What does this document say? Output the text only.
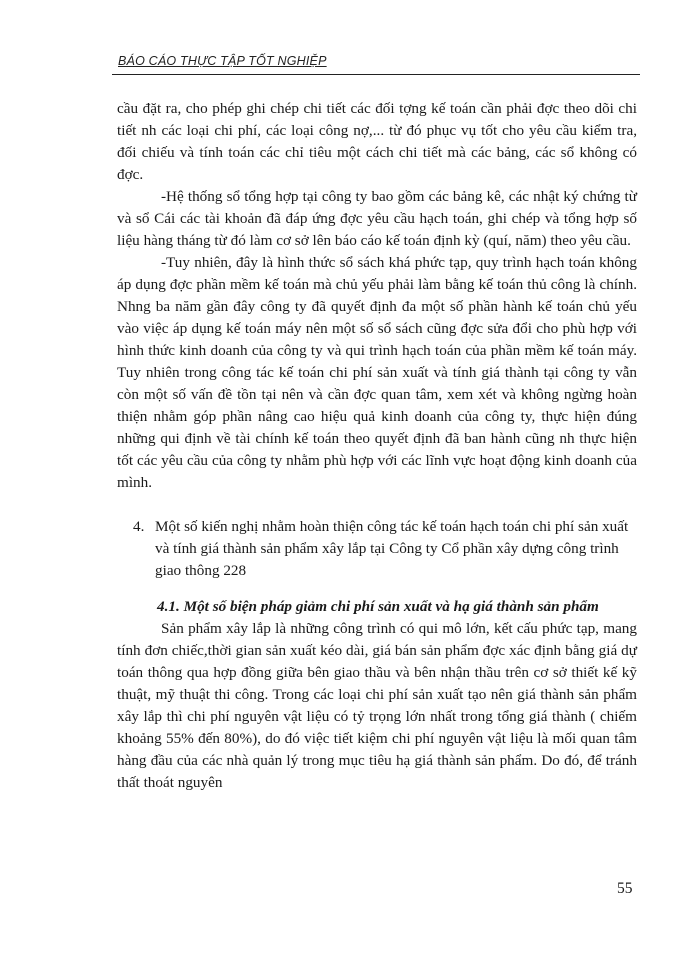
BÁO CÁO THỰC TẬP TỐT NGHIỆP

cầu đặt ra, cho phép ghi chép chi tiết các đối tợng kế toán cần phải đợc theo dõi chi tiết nh các loại chi phí, các loại công nợ,... từ đó phục vụ tốt cho yêu cầu kiểm tra, đối chiếu và tính toán các chỉ tiêu một cách chi tiết mà các bảng, các sổ không có đợc.

-Hệ thống sổ tổng hợp tại công ty bao gồm các bảng kê, các nhật ký chứng từ và sổ Cái các tài khoản đã đáp ứng đợc yêu cầu hạch toán, ghi chép và tổng hợp số liệu hàng tháng từ đó làm cơ sở lên báo cáo kế toán định kỳ (quí, năm) theo yêu cầu.

-Tuy nhiên, đây là hình thức sổ sách khá phức tạp, quy trình hạch toán không áp dụng đợc phần mềm kế toán mà chủ yếu phải làm bằng kế toán thủ công là chính. Nhng ba năm gần đây công ty đã quyết định đa một số phần hành kế toán chủ yếu vào việc áp dụng kế toán máy nên một số sổ sách cũng đợc sửa đổi cho phù hợp với hình thức kinh doanh của công ty và qui trình hạch toán của phần mềm kế toán máy. Tuy nhiên trong công tác kế toán chi phí sản xuất và tính giá thành tại công ty vẫn còn một số vấn đề tồn tại nên và cần đợc quan tâm, xem xét và không ngừng hoàn thiện nhằm góp phần nâng cao hiệu quả kinh doanh của công ty, thực hiện đúng những qui định về tài chính kế toán theo quyết định đã ban hành cũng nh thực hiện tốt các yêu cầu của công ty nhằm phù hợp với các lĩnh vực hoạt động kinh doanh của mình.

4. Một số kiến nghị nhằm hoàn thiện công tác kế toán hạch toán chi phí sản xuất và tính giá thành sản phẩm xây lắp tại Công ty Cổ phần xây dựng công trình giao thông 228
4.1. Một số biện pháp giảm chi phí sản xuất và hạ giá thành sản phẩm

Sản phẩm xây lắp là những công trình có qui mô lớn, kết cấu phức tạp, mang tính đơn chiếc,thời gian sản xuất kéo dài, giá bán sản phẩm đợc xác định bằng giá dự toán thông qua hợp đồng giữa bên giao thầu và bên nhận thầu trên cơ sở thiết kế kỹ thuật, mỹ thuật thi công. Trong các loại chi phí sản xuất tạo nên giá thành sản phẩm xây lắp thì chi phí nguyên vật liệu có tỷ trọng lớn nhất trong tổng giá thành ( chiếm khoảng 55% đến 80%), do đó việc tiết kiệm chi phí nguyên vật liệu là mối quan tâm hàng đầu của các nhà quản lý trong mục tiêu hạ giá thành sản phẩm. Do đó, để tránh thất thoát nguyên

55
